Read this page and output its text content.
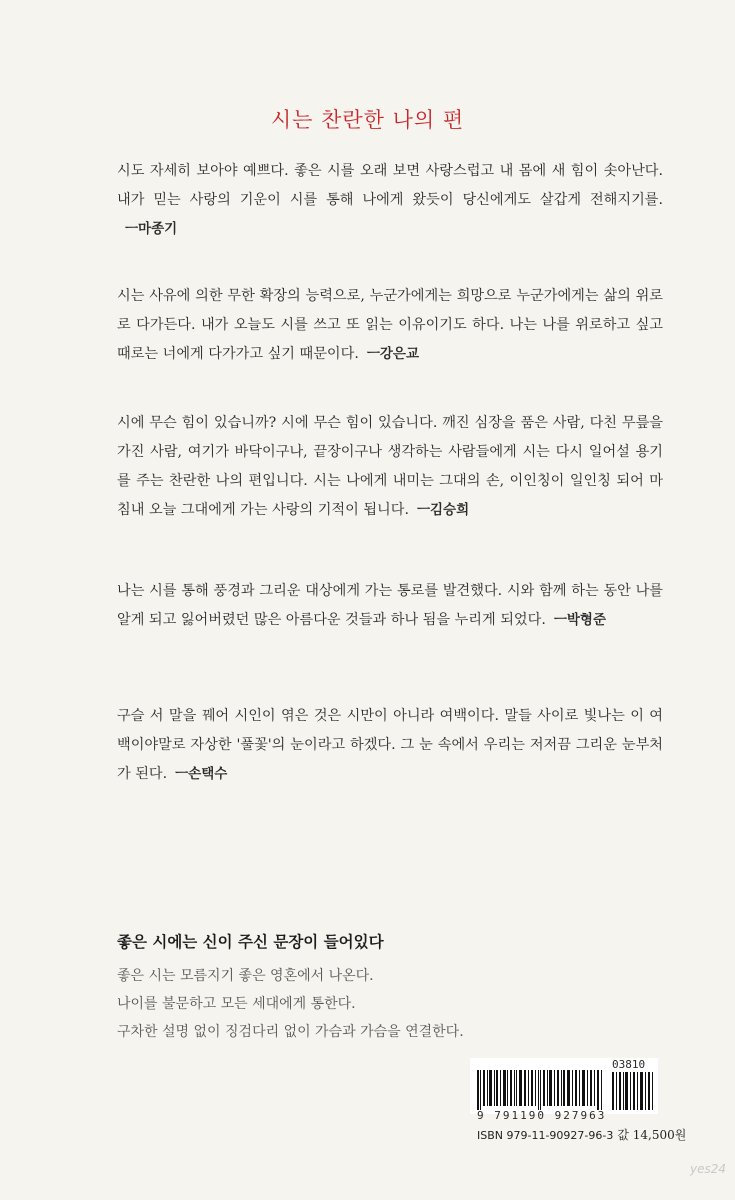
시는 찬란한 나의 편
시도 자세히 보아야 예쁘다. 좋은 시를 오래 보면 사랑스럽고 내 몸에 새 힘이 솟아난다. 내가 믿는 사랑의 기운이 시를 통해 나에게 왔듯이 당신에게도 살갑게 전해지기를.ㅡ마종기
시는 사유에 의한 무한 확장의 능력으로, 누군가에게는 희망으로 누군가에게는 삶의 위로로 다가든다. 내가 오늘도 시를 쓰고 또 읽는 이유이기도 하다. 나는 나를 위로하고 싶고 때로는 너에게 다가가고 싶기 때문이다. ㅡ강은교
시에 무슨 힘이 있습니까? 시에 무슨 힘이 있습니다. 깨진 심장을 품은 사람, 다친 무릎을 가진 사람, 여기가 바닥이구나, 끝장이구나 생각하는 사람들에게 시는 다시 일어설 용기를 주는 찬란한 나의 편입니다. 시는 나에게 내미는 그대의 손, 이인칭이 일인칭 되어 마침내 오늘 그대에게 가는 사랑의 기적이 됩니다. ㅡ김승희
나는 시를 통해 풍경과 그리운 대상에게 가는 통로를 발견했다. 시와 함께 하는 동안 나를 알게 되고 잃어버렸던 많은 아름다운 것들과 하나 됨을 누리게 되었다. ㅡ박형준
구슬 서 말을 꿰어 시인이 엮은 것은 시만이 아니라 여백이다. 말들 사이로 빛나는 이 여백이야말로 자상한 '풀꽃'의 눈이라고 하겠다. 그 눈 속에서 우리는 저저끔 그리운 눈부처가 된다. ㅡ손택수
좋은 시에는 신이 주신 문장이 들어있다
좋은 시는 모름지기 좋은 영혼에서 나온다.
나이를 불문하고 모든 세대에게 통한다.
구차한 설명 없이 징검다리 없이 가슴과 가슴을 연결한다.
03810
9 791190 927963
ISBN 979-11-90927-96-3 값 14,500원
yes24
